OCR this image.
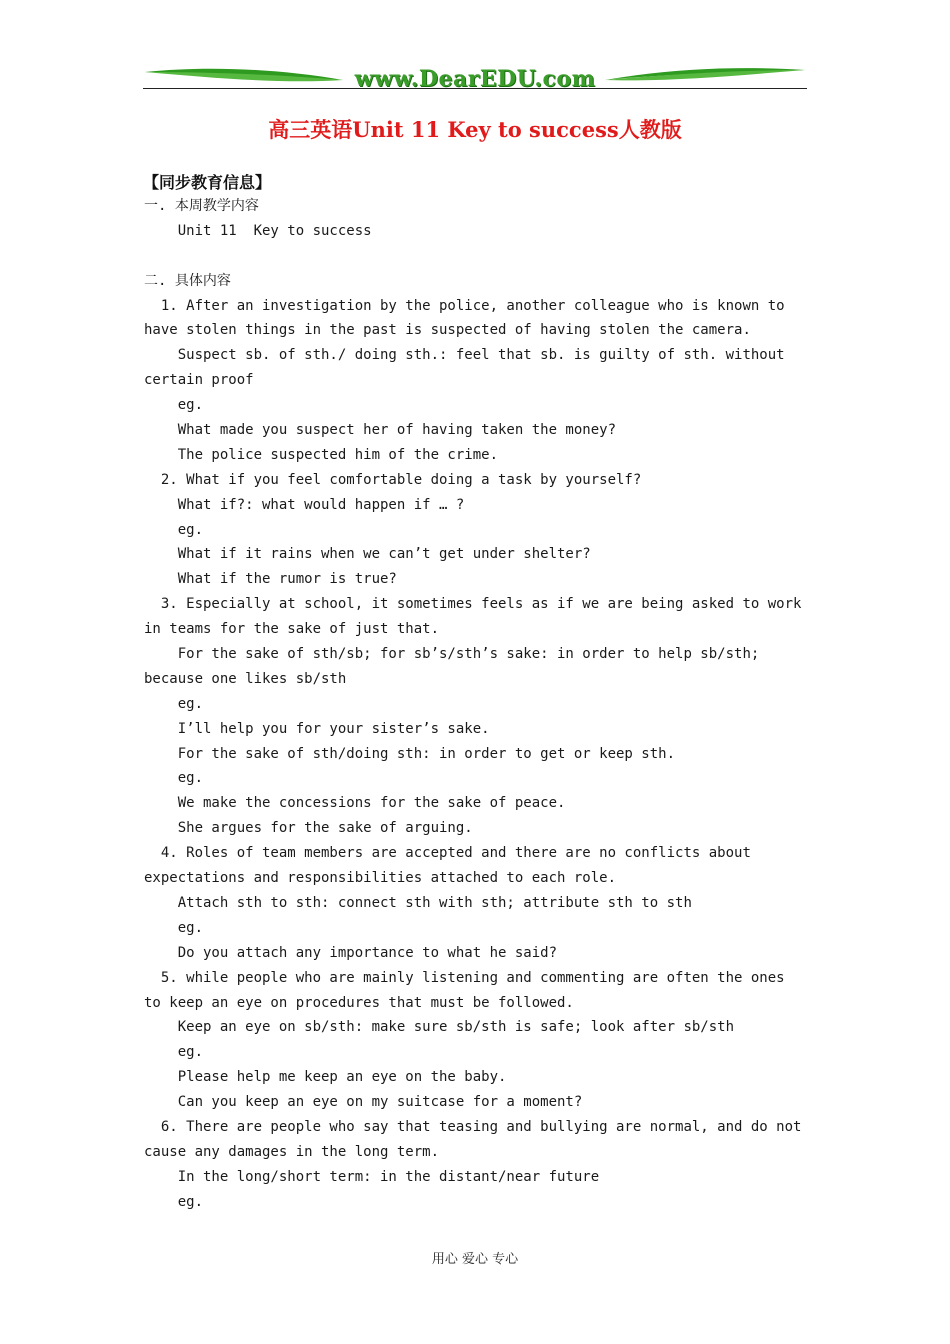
www.DearEDU.com
高三英语Unit 11 Key to success人教版
【同步教育信息】
一. 本周教学内容
Unit 11  Key to success
二. 具体内容
1. After an investigation by the police, another colleague who is known to
have stolen things in the past is suspected of having stolen the camera.
Suspect sb. of sth./ doing sth.: feel that sb. is guilty of sth. without
certain proof
eg.
What made you suspect her of having taken the money?
The police suspected him of the crime.
2. What if you feel comfortable doing a task by yourself?
What if?: what would happen if … ?
eg.
What if it rains when we can’t get under shelter?
What if the rumor is true?
3. Especially at school, it sometimes feels as if we are being asked to work
in teams for the sake of just that.
For the sake of sth/sb; for sb’s/sth’s sake: in order to help sb/sth;
because one likes sb/sth
eg.
I’ll help you for your sister’s sake.
For the sake of sth/doing sth: in order to get or keep sth.
eg.
We make the concessions for the sake of peace.
She argues for the sake of arguing.
4. Roles of team members are accepted and there are no conflicts about
expectations and responsibilities attached to each role.
Attach sth to sth: connect sth with sth; attribute sth to sth
eg.
Do you attach any importance to what he said?
5. while people who are mainly listening and commenting are often the ones
to keep an eye on procedures that must be followed.
Keep an eye on sb/sth: make sure sb/sth is safe; look after sb/sth
eg.
Please help me keep an eye on the baby.
Can you keep an eye on my suitcase for a moment?
6. There are people who say that teasing and bullying are normal, and do not
cause any damages in the long term.
In the long/short term: in the distant/near future
eg.
用心 爱心 专心
